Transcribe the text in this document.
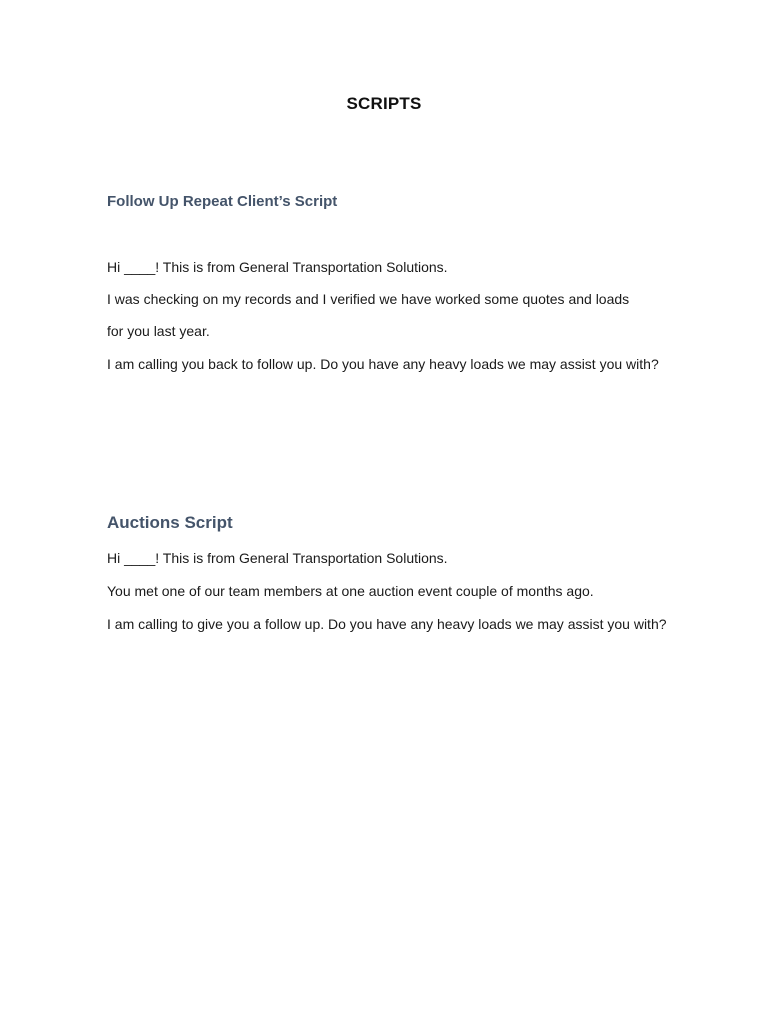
SCRIPTS
Follow Up Repeat Client’s Script

Hi ____! This is from General Transportation Solutions.

I was checking on my records and I verified we have worked some quotes and loads

for you last year.

I am calling you back to follow up. Do you have any heavy loads we may assist you with?

Auctions Script

Hi ____! This is from General Transportation Solutions.

You met one of our team members at one auction event couple of months ago.

I am calling to give you a follow up. Do you have any heavy loads we may assist you with?
